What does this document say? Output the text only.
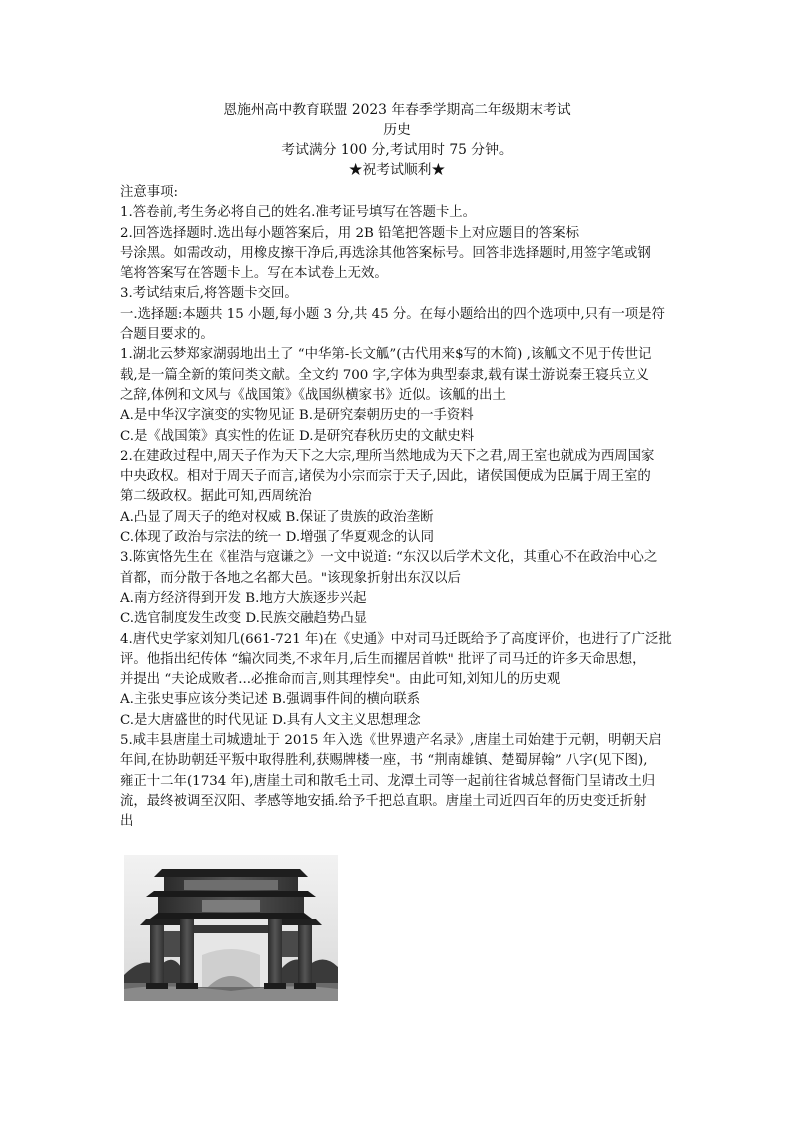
恩施州高中教育联盟 2023 年春季学期高二年级期末考试
历史
考试满分 100 分,考试用时 75 分钟。
★祝考试顺利★
注意事项:
1.答卷前,考生务必将自己的姓名.准考证号填写在答题卡上。
2.回答选择题时.选出每小题答案后，用 2B 铅笔把答题卡上对应题目的答案标
号涂黑。如需改动，用橡皮擦干净后,再选涂其他答案标号。回答非选择题时,用签字笔或钢
笔将答案写在答题卡上。写在本试卷上无效。
3.考试结束后,将答题卡交回。
一.选择题:本题共 15 小题,每小题 3 分,共 45 分。在每小题给出的四个选项中,只有一项是符
合题目要求的。
1.湖北云梦郑家湖弱地出土了 “中华第-长文觚”(古代用来$写的木简) ,该觚文不见于传世记
载,是一篇全新的策问类文献。全文约 700 字,字体为典型泰隶,载有谋士游说秦王寝兵立义
之辞,体例和文风与《战国策》《战国纵横家书》近似。该觚的出土
A.是中华汉字演变的实物见证 B.是研究秦朝历史的一手资料
C.是《战国策》真实性的佐证 D.是研究春秋历史的文献史料
2.在建政过程中,周天子作为天下之大宗,理所当然地成为天下之君,周王室也就成为西周国家
中央政权。相对于周天子而言,诸侯为小宗而宗于天子,因此，诸侯国便成为臣属于周王室的
第二级政权。据此可知,西周统治
A.凸显了周天子的绝对权威 B.保证了贵族的政治垄断
C.体现了政治与宗法的统一 D.增强了华夏观念的认同
3.陈寅恪先生在《崔浩与寇谦之》一文中说道: “东汉以后学术文化，其重心不在政治中心之
首都，而分散于各地之名都大邑。"该现象折射出东汉以后
A.南方经济得到开发 B.地方大族逐步兴起
C.选官制度发生改变 D.民族交融趋势凸显
4.唐代史学家刘知几(661-721 年)在《史通》中对司马迁既给予了高度评价，也进行了广泛批
评。他指出纪传体 “编次同类,不求年月,后生而擢居首帙" 批评了司马迁的许多天命思想，
并提出 “夫论成败者...必推命而言,则其理悖矣"。由此可知,刘知儿的历史观
A.主张史事应该分类记述 B.强调事件间的横向联系
C.是大唐盛世的时代见证 D.具有人文主义思想理念
5.咸丰县唐崖土司城遗址于 2015 年入选《世界遗产名录》,唐崖土司始建于元朝，明朝天启
年间,在协助朝廷平叛中取得胜利,获赐牌楼一座，书 “荆南雄镇、楚蜀屏翰” 八字(见下图),
雍正十二年(1734 年),唐崖土司和散毛土司、龙潭土司等一起前往省城总督衙门呈请改土归
流，最终被调至汉阳、孝感等地安插.给予千把总直职。唐崖土司近四百年的历史变迁折射
出
